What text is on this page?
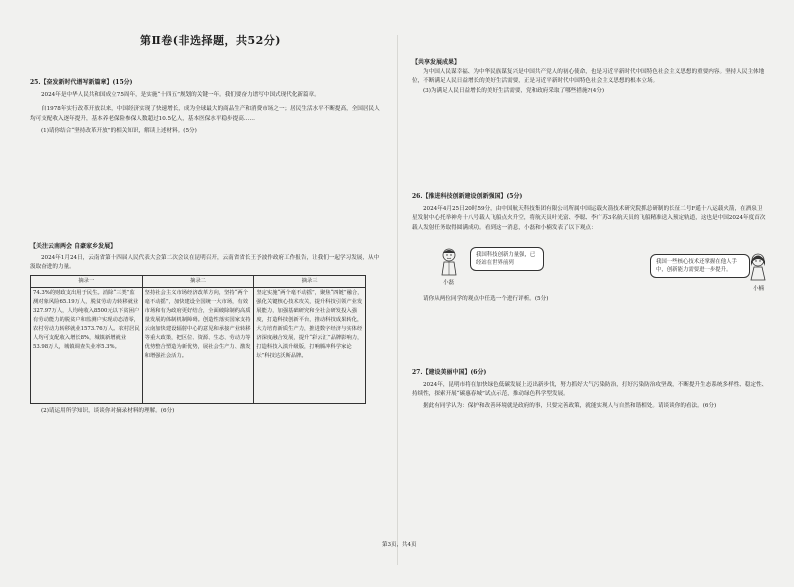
第Ⅱ卷(非选择题，共52分)

25.【奋发新时代谱写新篇章】(15分)

2024年是中华人民共和国成立75周年，是实施“十四五”规划的关键一年。我们要奋力谱写中国式现代化新篇章。

自1978年实行改革开放以来，中国经济实现了快速增长，成为全球最大的商品生产和消费市场之一；居民生活水平不断提高，全国居民人均可支配收入逐年提升，基本养老保险参保人数超过10.5亿人，基本医保水平稳步提高……

(1)请你结合“坚持改革开放”的相关知识，解读上述材料。(5分)

【关注云南两会 自豪家乡发展】

2024年1月24日，云南省第十四届人民代表大会第二次会议在昆明召开，云南省省长王予波作政府工作报告，让我们一起学习发展，从中汲取奋进的力量。

摘录一	摘录二	摘录三
74.3%的财政支出用于民生。消除“三类”监测对象风险65.19万人，脱贫劳动力转移就业327.97万人，人均纯收入8500元以下贫困户有劳动能力的脱贫户和监测户实现动态清零，农村劳动力转移就业1573.76万人。农村居民人均可支配收入增长8%，城镇新增就业53.98万人，城镇调查失业率5.3%。	坚持社会主义市场经济改革方向，坚持“两个毫不动摇”，加快建设全国统一大市场，有效市场和有为政府更好结合，全面破除制约高质量发展的体制机制障碍。创造性落实国家支持云南加快建设辐射中心的意见和承接产业转移等重大政策，把区位、资源、生态、劳动力等优势整合塑造为新优势，展社会生产力、激发和增强社会活力。	坚定实施“两个毫不动摇”，聚焦“四链”融合，强化关键核心技术攻关，提升科技引领产业发展能力，加强基础研究和全社会研发投入强度，打造科技创新平台，推动科技成果转化，大力培育新质生产力，推进数字经济与实体经济深度融合发展，提升“彩云汇”品牌影响力，打造科技入滇升级版，打响腾冲科学家论坛”科技达沃斯品牌。

(2)请运用所学知识，谈谈你对摘录材料的理解。(6分)

【共享发展成果】

为中国人民谋幸福、为中华民族谋复兴是中国共产党人的初心使命，也是习近平新时代中国特色社会主义思想的重要内容。坚持人民主体地位，不断满足人民日益增长的美好生活需要，正是习近平新时代中国特色社会主义思想的根本立场。

(3)为满足人民日益增长的美好生活需要，党和政府采取了哪些措施?(4分)

26.【推进科技创新建设创新强国】(5分)

2024年4月25日20时59分，由中国航天科技集团有限公司所属中国运载火箭技术研究院抓总研制的长征二号F遥十八运载火箭，在酒泉卫星发射中心托举神舟十八号载人飞船点火升空，将航天员叶光富、李聪、李广苏3名航天员的飞船精准送入预定轨道，这也是中国2024年度首次载人发射任务取得圆满成功。看到这一消息，小磊和小楠发表了以下观点：

小磊
我国科技创新力量强，已经站在世界前列	我国一些核心技术还掌握在他人手中，创新能力需要进一步提升。
小楠

请你从两位同学的观点中任选一个进行评析。(5分)

27.【建设美丽中国】(6分)

2024年，昆明市将在加快绿色低碳发展上迈出新步伐，努力抓好大气污染防治，打好污染防治攻坚战，不断提升生态系统多样性、稳定性、持续性，探索开展“碳惠春城”试点示范，推动绿色科学型发展。

据此有同学认为：保护和改善环境就是政府的事，只要完善政策，就能实现人与自然和谐相处。请谈谈你的看法。(6分)

第3页，共4页
